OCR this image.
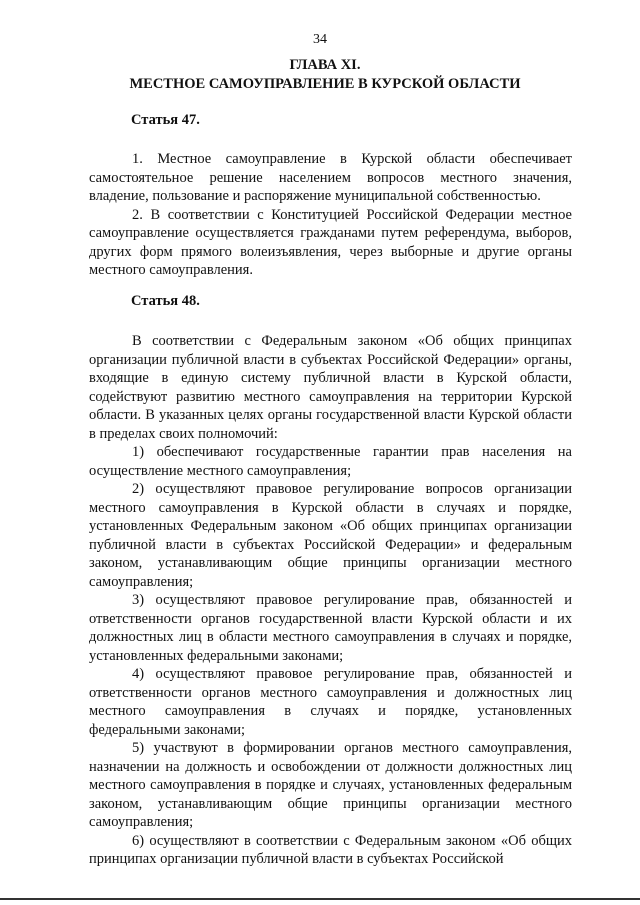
34
ГЛАВА XI.
МЕСТНОЕ САМОУПРАВЛЕНИЕ В КУРСКОЙ ОБЛАСТИ
Статья 47.

1. Местное самоуправление в Курской области обеспечивает самостоятельное решение населением вопросов местного значения, владение, пользование и распоряжение муниципальной собственностью.

2. В соответствии с Конституцией Российской Федерации местное самоуправление осуществляется гражданами путем референдума, выборов, других форм прямого волеизъявления, через выборные и другие органы местного самоуправления.

Статья 48.

В соответствии с Федеральным законом «Об общих принципах организации публичной власти в субъектах Российской Федерации» органы, входящие в единую систему публичной власти в Курской области, содействуют развитию местного самоуправления на территории Курской области. В указанных целях органы государственной власти Курской области в пределах своих полномочий:

1) обеспечивают государственные гарантии прав населения на осуществление местного самоуправления;

2) осуществляют правовое регулирование вопросов организации местного самоуправления в Курской области в случаях и порядке, установленных Федеральным законом «Об общих принципах организации публичной власти в субъектах Российской Федерации» и федеральным законом, устанавливающим общие принципы организации местного самоуправления;

3) осуществляют правовое регулирование прав, обязанностей и ответственности органов государственной власти Курской области и их должностных лиц в области местного самоуправления в случаях и порядке, установленных федеральными законами;

4) осуществляют правовое регулирование прав, обязанностей и ответственности органов местного самоуправления и должностных лиц местного самоуправления в случаях и порядке, установленных федеральными законами;

5) участвуют в формировании органов местного самоуправления, назначении на должность и освобождении от должности должностных лиц местного самоуправления в порядке и случаях, установленных федеральным законом, устанавливающим общие принципы организации местного самоуправления;

6) осуществляют в соответствии с Федеральным законом «Об общих принципах организации публичной власти в субъектах Российской
